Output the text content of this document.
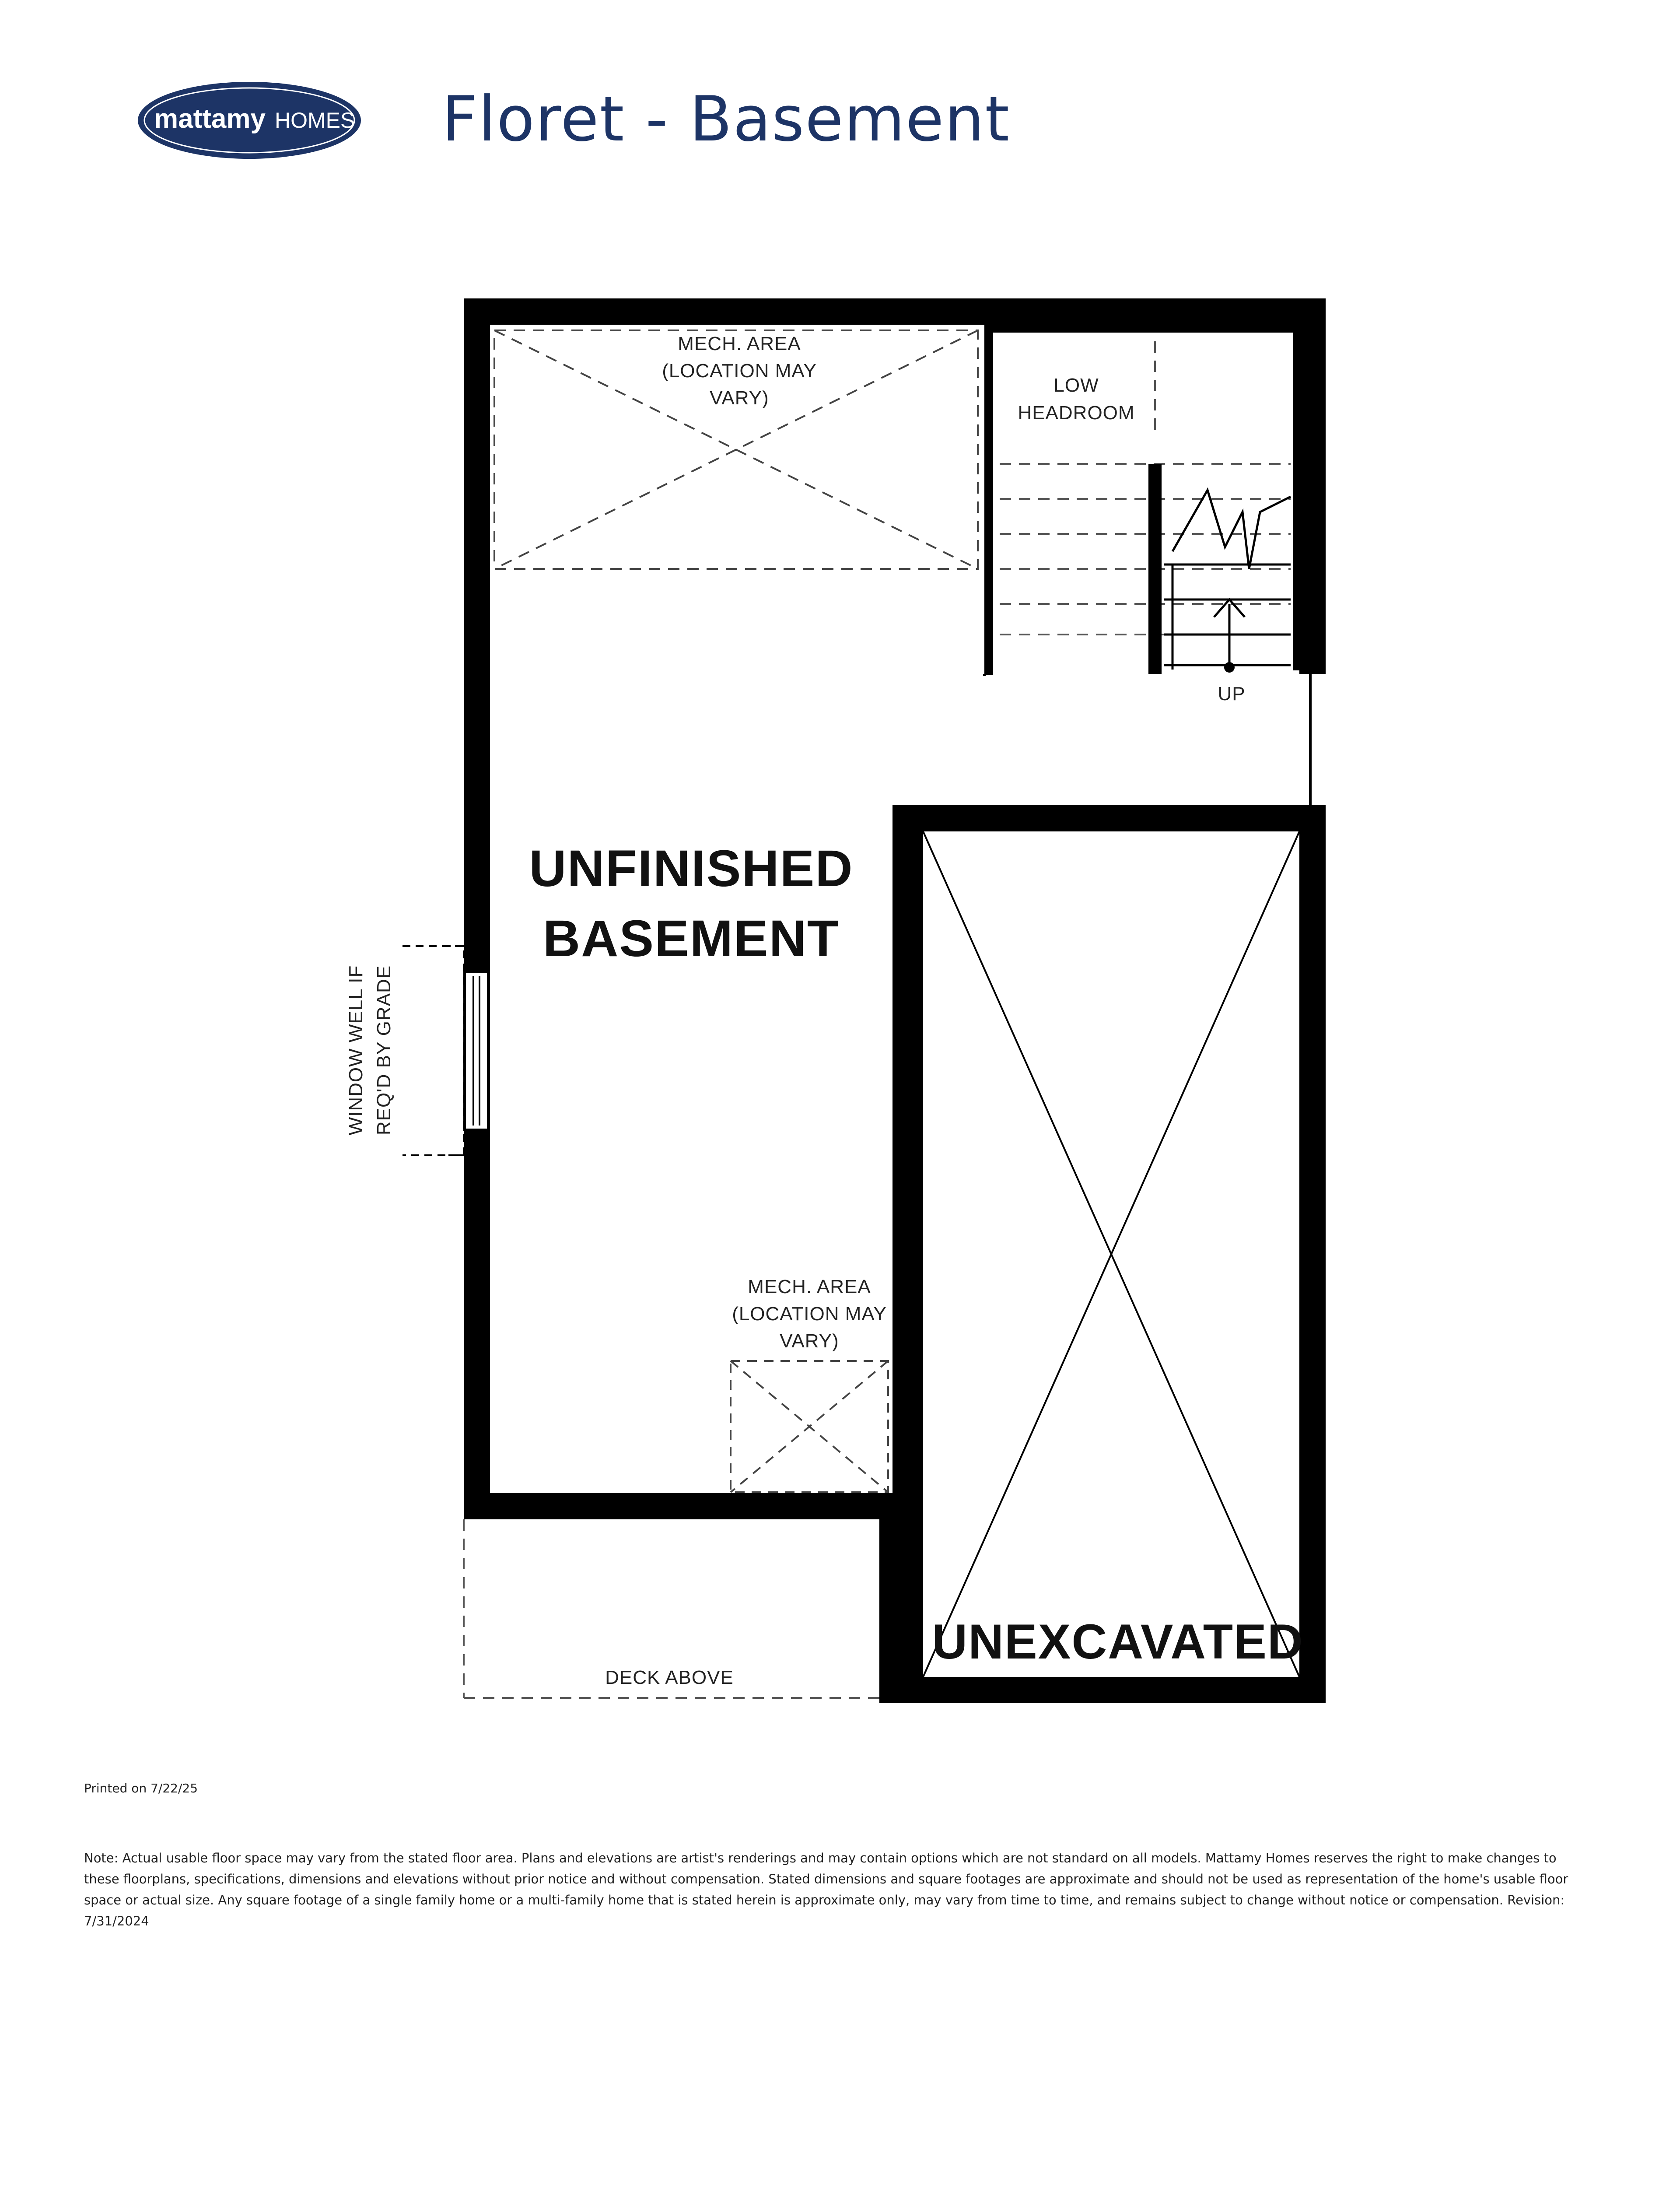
mattamy HOMES Floret - Basement
MECH. AREA
(LOCATION MAY
VARY)
LOW
HEADROOM
UP
UNFINISHED
BASEMENT
WINDOW WELL IF REQ'D BY GRADE
MECH. AREA
(LOCATION MAY
VARY)
UNEXCAVATED
DECK ABOVE
Printed on 7/22/25
Note: Actual usable floor space may vary from the stated floor area. Plans and elevations are artist's renderings and may contain options which are not standard on all models. Mattamy Homes reserves the right to make changes to these floorplans, specifications, dimensions and elevations without prior notice and without compensation. Stated dimensions and square footages are approximate and should not be used as representation of the home's usable floor space or actual size. Any square footage of a single family home or a multi-family home that is stated herein is approximate only, may vary from time to time, and remains subject to change without notice or compensation. Revision: 7/31/2024
